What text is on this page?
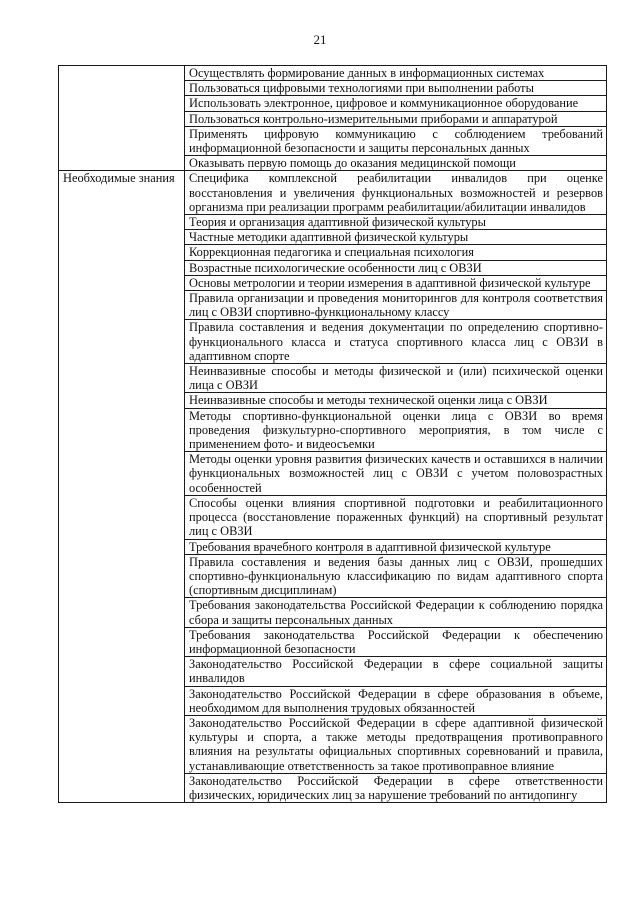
21
	Осуществлять формирование данных в информационных системах
	Пользоваться цифровыми технологиями при выполнении работы
	Использовать электронное, цифровое и коммуникационное оборудование
	Пользоваться контрольно-измерительными приборами и аппаратурой
	Применять цифровую коммуникацию с соблюдением требований информационной безопасности и защиты персональных данных
	Оказывать первую помощь до оказания медицинской помощи
Необходимые знания	Специфика комплексной реабилитации инвалидов при оценке восстановления и увеличения функциональных возможностей и резервов организма при реализации программ реабилитации/абилитации инвалидов
	Теория и организация адаптивной физической культуры
	Частные методики адаптивной физической культуры
	Коррекционная педагогика и специальная психология
	Возрастные психологические особенности лиц с ОВЗИ
	Основы метрологии и теории измерения в адаптивной физической культуре
	Правила организации и проведения мониторингов для контроля соответствия лиц с ОВЗИ спортивно-функциональному классу
	Правила составления и ведения документации по определению спортивно-функционального класса и статуса спортивного класса лиц с ОВЗИ в адаптивном спорте
	Неинвазивные способы и методы физической и (или) психической оценки лица с ОВЗИ
	Неинвазивные способы и методы технической оценки лица с ОВЗИ
	Методы спортивно-функциональной оценки лица с ОВЗИ во время проведения физкультурно-спортивного мероприятия, в том числе с применением фото- и видеосъемки
	Методы оценки уровня развития физических качеств и оставшихся в наличии функциональных возможностей лиц с ОВЗИ с учетом половозрастных особенностей
	Способы оценки влияния спортивной подготовки и реабилитационного процесса (восстановление пораженных функций) на спортивный результат лиц с ОВЗИ
	Требования врачебного контроля в адаптивной физической культуре
	Правила составления и ведения базы данных лиц с ОВЗИ, прошедших спортивно-функциональную классификацию по видам адаптивного спорта (спортивным дисциплинам)
	Требования законодательства Российской Федерации к соблюдению порядка сбора и защиты персональных данных
	Требования законодательства Российской Федерации к обеспечению информационной безопасности
	Законодательство Российской Федерации в сфере социальной защиты инвалидов
	Законодательство Российской Федерации в сфере образования в объеме, необходимом для выполнения трудовых обязанностей
	Законодательство Российской Федерации в сфере адаптивной физической культуры и спорта, а также методы предотвращения противоправного влияния на результаты официальных спортивных соревнований и правила, устанавливающие ответственность за такое противоправное влияние
	Законодательство Российской Федерации в сфере ответственности физических, юридических лиц за нарушение требований по антидопингу
